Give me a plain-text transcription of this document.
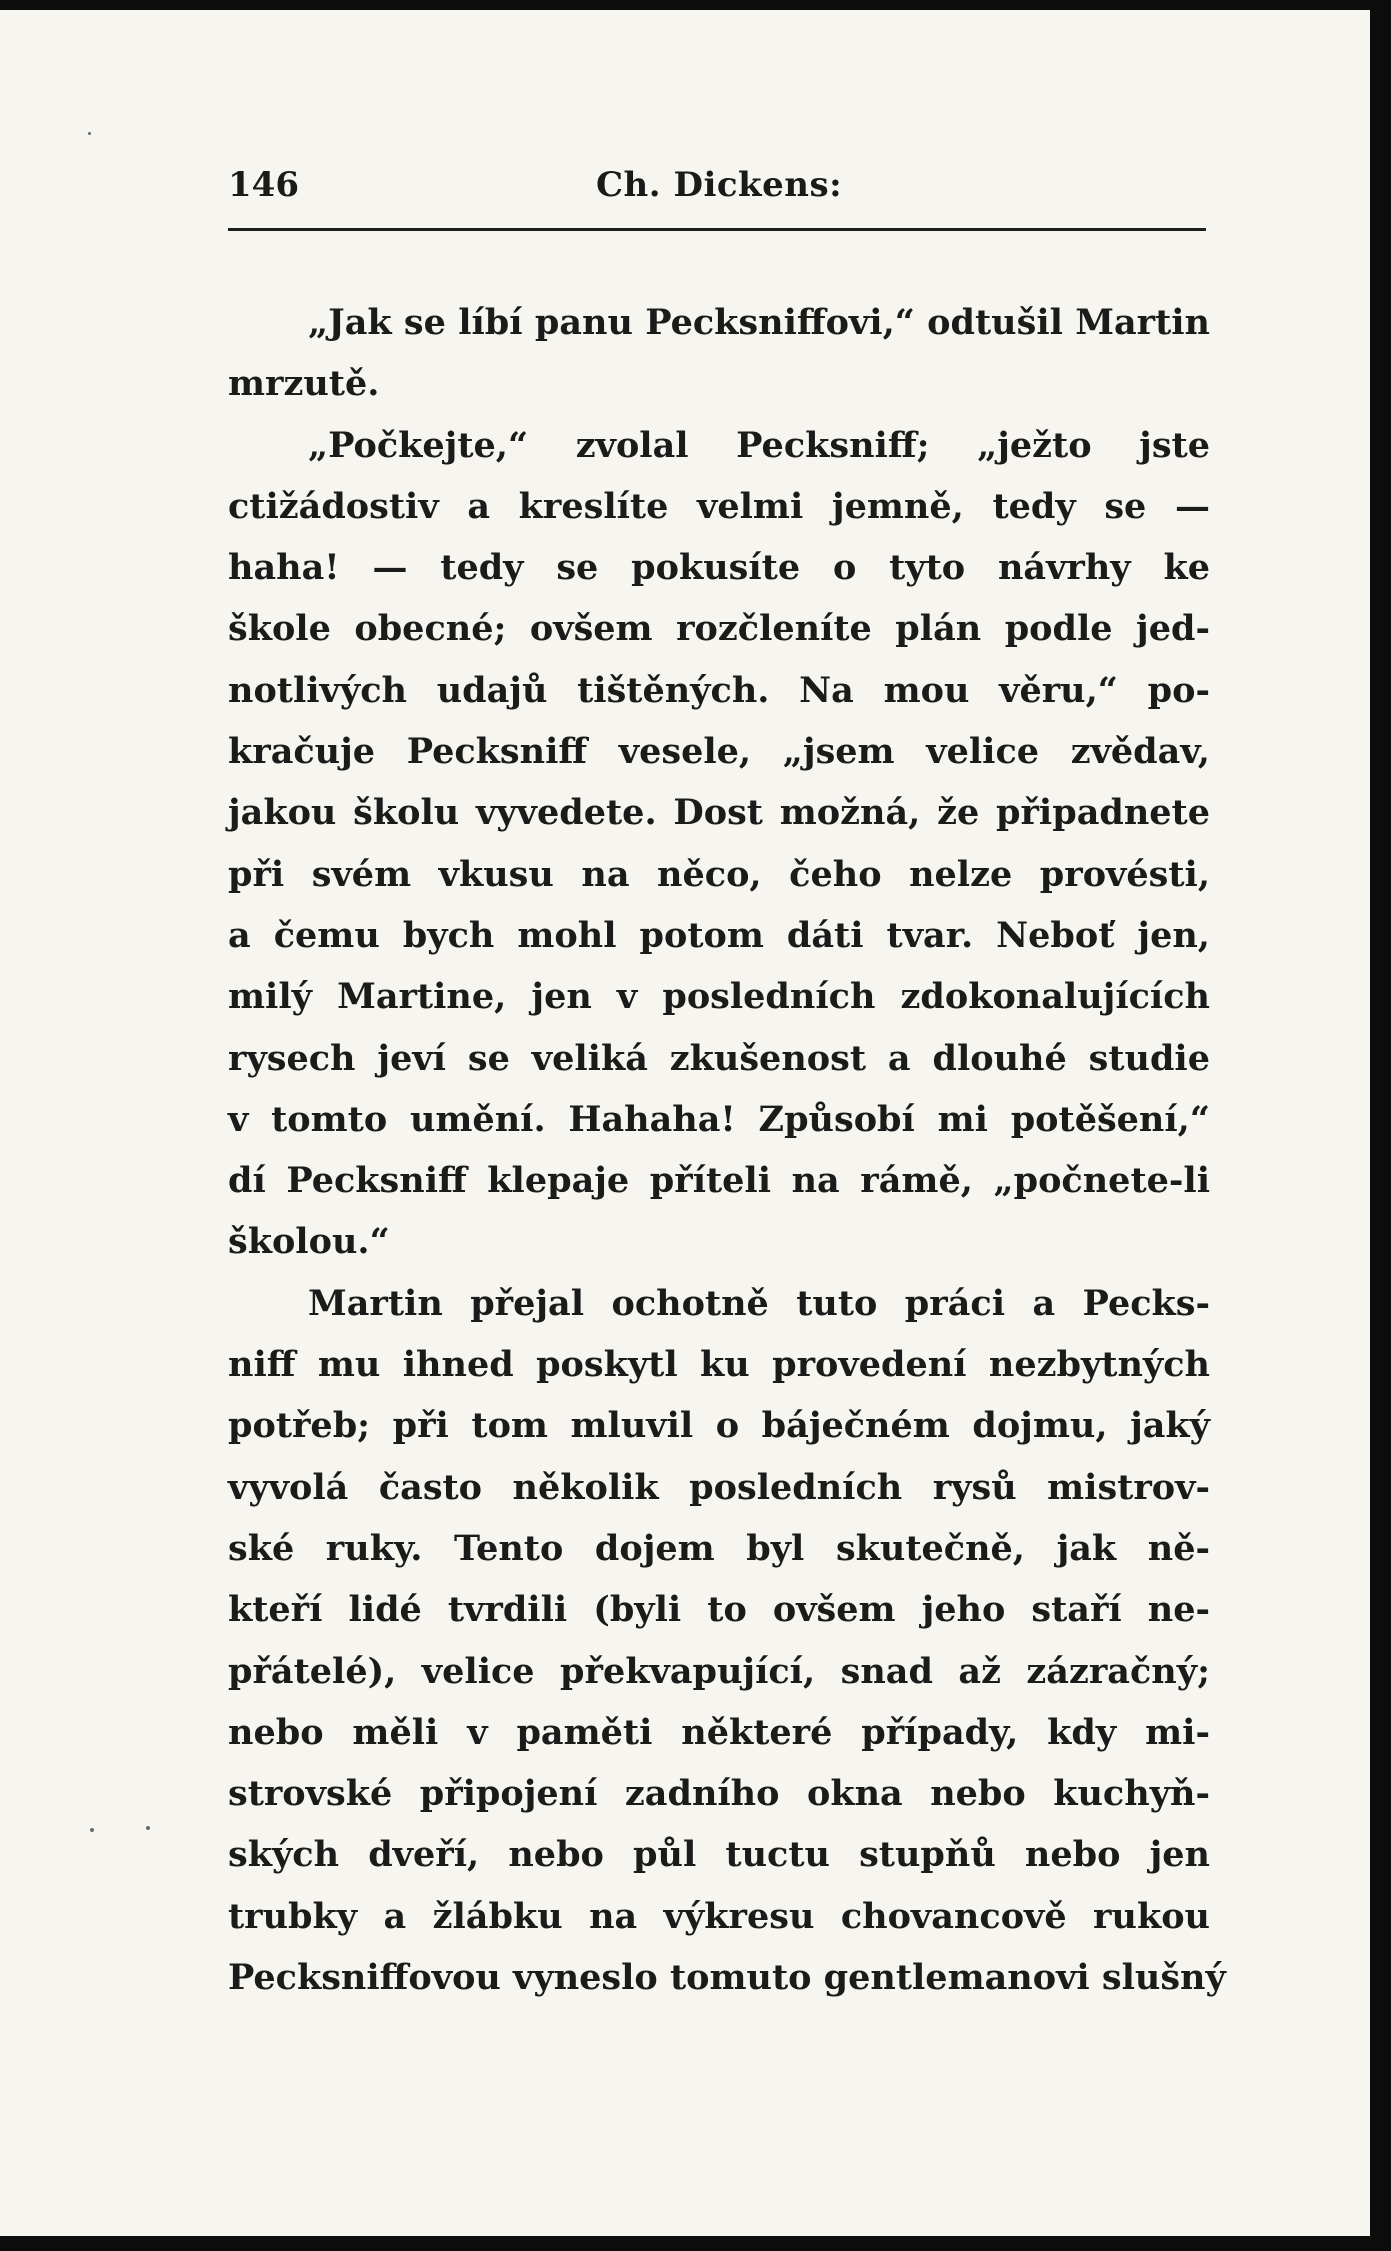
146	Ch. Dickens:
„Jak se líbí panu Pecksniffovi,“ odtušil Martin
mrzutě.
„Počkejte,“ zvolal Pecksniff; „ježto jste
ctižádostiv a kreslíte velmi jemně, tedy se —
haha! — tedy se pokusíte o tyto návrhy ke
škole obecné; ovšem rozčleníte plán podle jed-
notlivých udajů tištěných. Na mou věru,“ po-
kračuje Pecksniff vesele, „jsem velice zvědav,
jakou školu vyvedete. Dost možná, že připadnete
při svém vkusu na něco, čeho nelze provésti,
a čemu bych mohl potom dáti tvar. Neboť jen,
milý Martine, jen v posledních zdokonalujících
rysech jeví se veliká zkušenost a dlouhé studie
v tomto umění. Hahaha! Způsobí mi potěšení,“
dí Pecksniff klepaje příteli na rámě, „počnete-li
školou.“
Martin přejal ochotně tuto práci a Pecks-
niff mu ihned poskytl ku provedení nezbytných
potřeb; při tom mluvil o báječném dojmu, jaký
vyvolá často několik posledních rysů mistrov-
ské ruky. Tento dojem byl skutečně, jak ně-
kteří lidé tvrdili (byli to ovšem jeho staří ne-
přátelé), velice překvapující, snad až zázračný;
nebo měli v paměti některé případy, kdy mi-
strovské připojení zadního okna nebo kuchyň-
ských dveří, nebo půl tuctu stupňů nebo jen
trubky a žlábku na výkresu chovancově rukou
Pecksniffovou vyneslo tomuto gentlemanovi slušný
